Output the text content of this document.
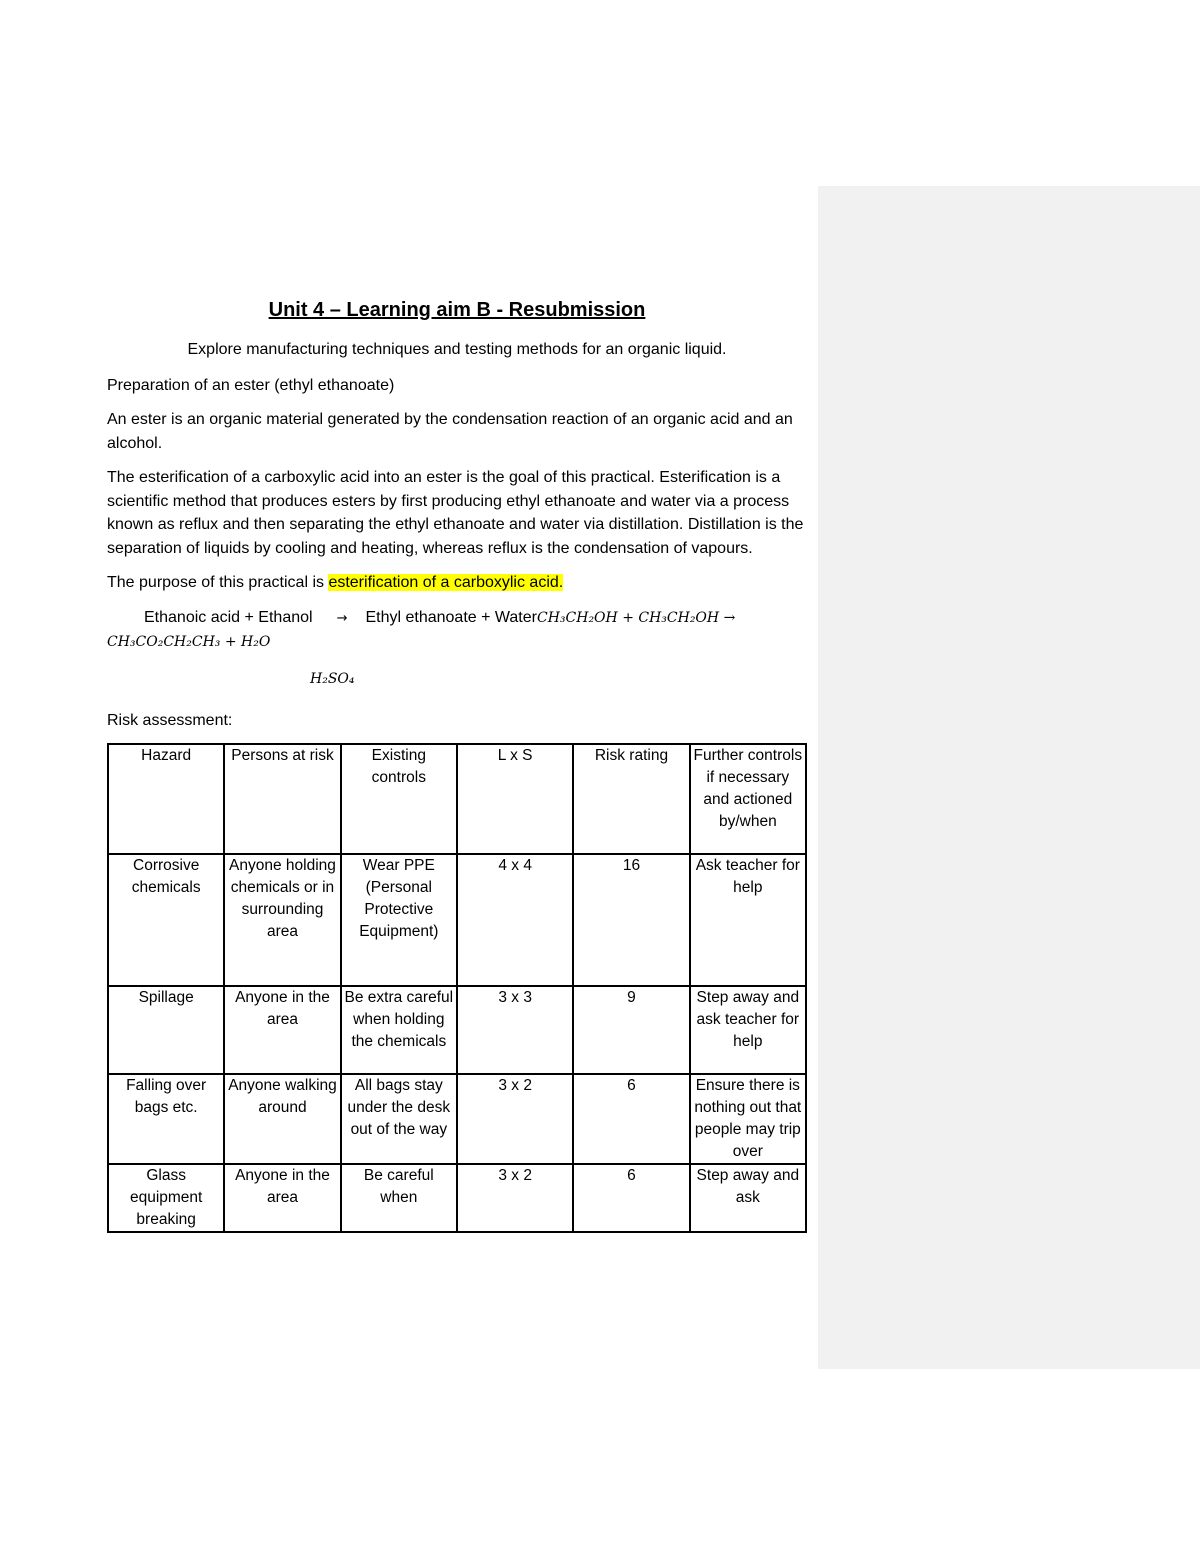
Unit 4 – Learning aim B - Resubmission
Explore manufacturing techniques and testing methods for an organic liquid.

Preparation of an ester (ethyl ethanoate)

An ester is an organic material generated by the condensation reaction of an organic acid and an alcohol.

The esterification of a carboxylic acid into an ester is the goal of this practical. Esterification is a scientific method that produces esters by first producing ethyl ethanoate and water via a process known as reflux and then separating the ethyl ethanoate and water via distillation. Distillation is the separation of liquids by cooling and heating, whereas reflux is the condensation of vapours.

The purpose of this practical is esterification of a carboxylic acid.

Ethanoic acid + Ethanol → Ethyl ethanoate + WaterCH₃CH₂OH + CH₃CH₂OH →
CH₃CO₂CH₂CH₃ + H₂O
H₂SO₄

Risk assessment:

Hazard	Persons at risk	Existing controls	L x S	Risk rating	Further controls if necessary and actioned by/when
Corrosive chemicals	Anyone holding chemicals or in surrounding area	Wear PPE (Personal Protective Equipment)	4 x 4	16	Ask teacher for help
Spillage	Anyone in the area	Be extra careful when holding the chemicals	3 x 3	9	Step away and ask teacher for help
Falling over bags etc.	Anyone walking around	All bags stay under the desk out of the way	3 x 2	6	Ensure there is nothing out that people may trip over
Glass equipment breaking	Anyone in the area	Be careful when	3 x 2	6	Step away and ask
